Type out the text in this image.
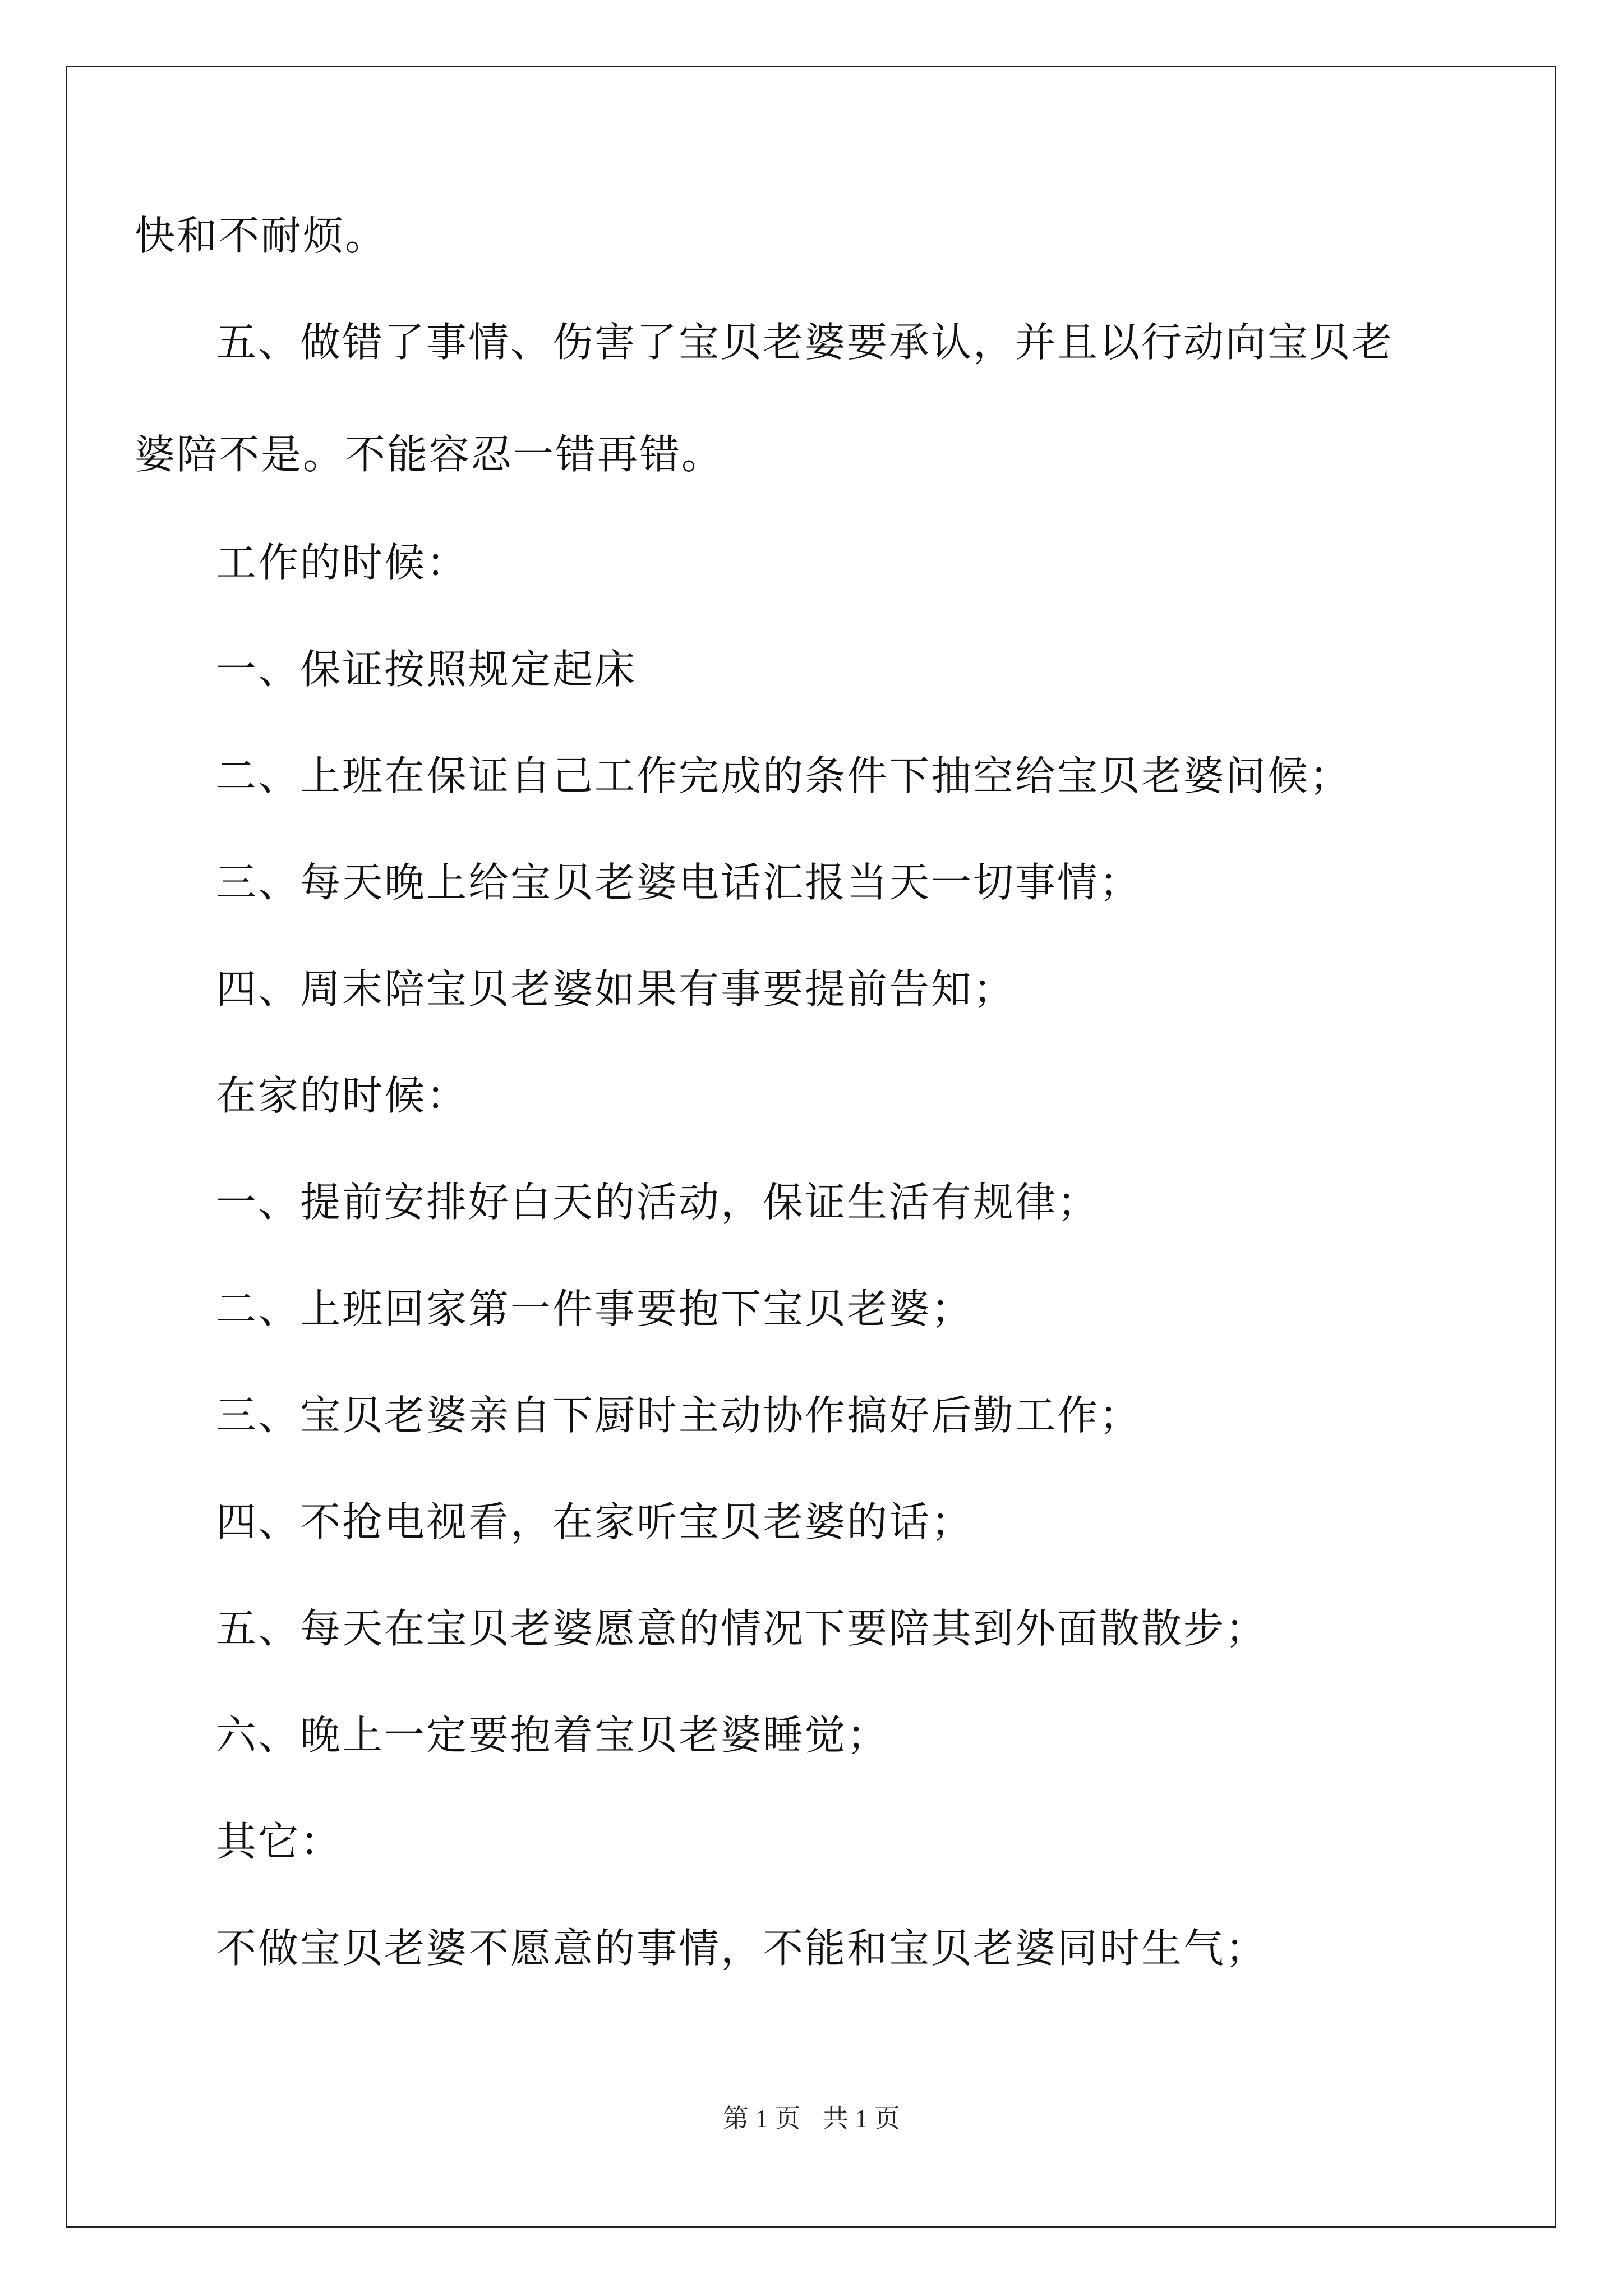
快和不耐烦。
五、做错了事情、伤害了宝贝老婆要承认，并且以行动向宝贝老
婆陪不是。不能容忍一错再错。
工作的时候：
一、保证按照规定起床
二、上班在保证自己工作完成的条件下抽空给宝贝老婆问候；
三、每天晚上给宝贝老婆电话汇报当天一切事情；
四、周末陪宝贝老婆如果有事要提前告知；
在家的时候：
一、提前安排好白天的活动，保证生活有规律；
二、上班回家第一件事要抱下宝贝老婆；
三、宝贝老婆亲自下厨时主动协作搞好后勤工作；
四、不抢电视看，在家听宝贝老婆的话；
五、每天在宝贝老婆愿意的情况下要陪其到外面散散步；
六、晚上一定要抱着宝贝老婆睡觉；
其它：
不做宝贝老婆不愿意的事情，不能和宝贝老婆同时生气；
第 1 页 共 1 页
